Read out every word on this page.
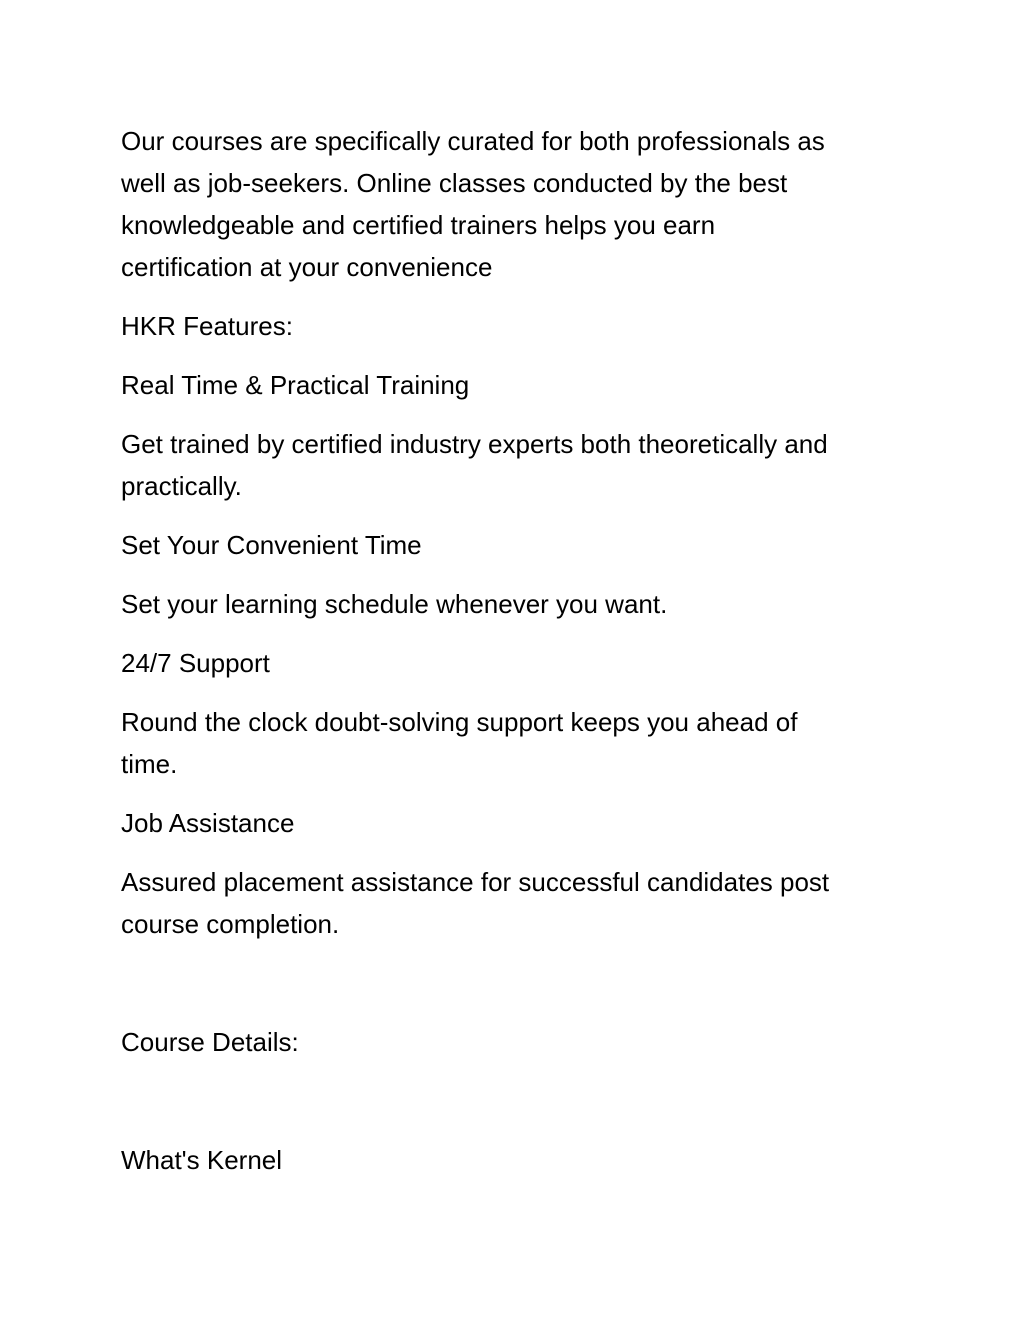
Our courses are specifically curated for both professionals as
well as job-seekers. Online classes conducted by the best
knowledgeable and certified trainers helps you earn
certification at your convenience
HKR Features:
Real Time & Practical Training
Get trained by certified industry experts both theoretically and
practically.
Set Your Convenient Time
Set your learning schedule whenever you want.
24/7 Support
Round the clock doubt-solving support keeps you ahead of
time.
Job Assistance
Assured placement assistance for successful candidates post
course completion.
Course Details:
What's Kernel
